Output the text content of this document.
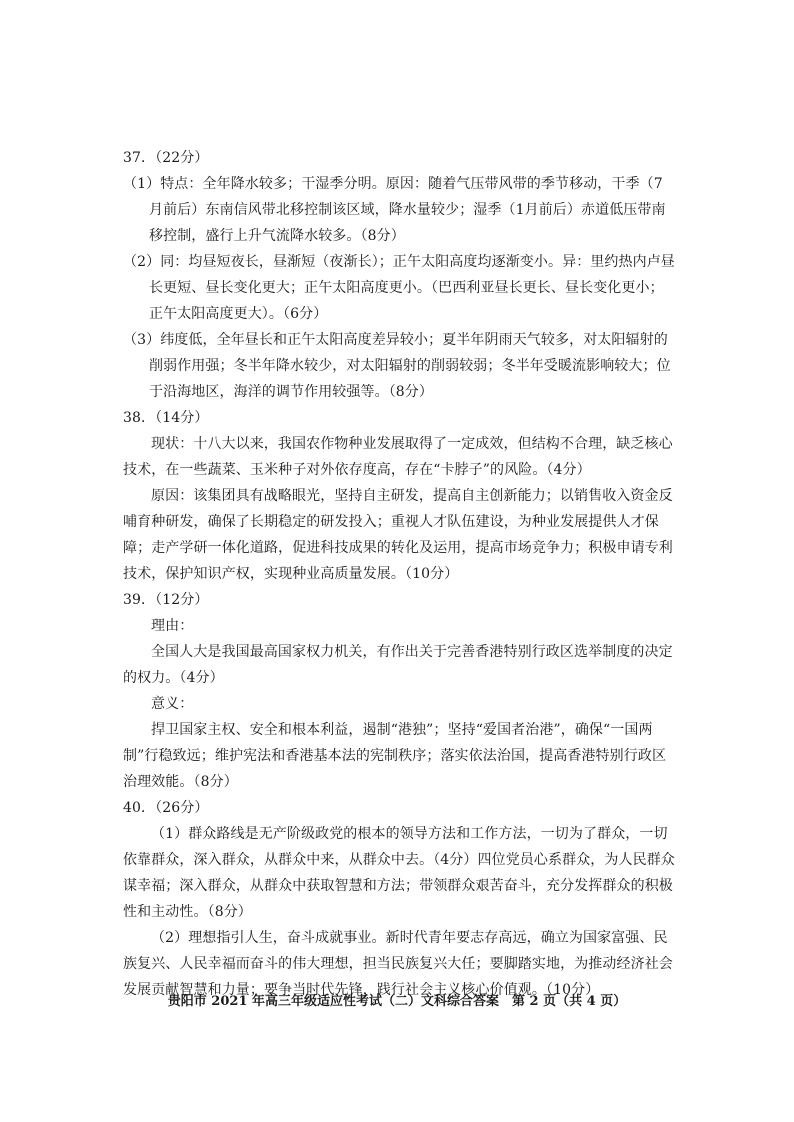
37．（22分）

（1）特点：全年降水较多；干湿季分明。原因：随着气压带风带的季节移动，干季（7月前后）东南信风带北移控制该区域，降水量较少；湿季（1月前后）赤道低压带南移控制，盛行上升气流降水较多。（8分）

（2）同：均昼短夜长，昼渐短（夜渐长）；正午太阳高度均逐渐变小。异：里约热内卢昼长更短、昼长变化更大；正午太阳高度更小。（巴西利亚昼长更长、昼长变化更小；正午太阳高度更大）。（6分）

（3）纬度低，全年昼长和正午太阳高度差异较小；夏半年阴雨天气较多，对太阳辐射的削弱作用强；冬半年降水较少，对太阳辐射的削弱较弱；冬半年受暖流影响较大；位于沿海地区，海洋的调节作用较强等。（8分）

38．（14分）

现状：十八大以来，我国农作物种业发展取得了一定成效，但结构不合理，缺乏核心技术，在一些蔬菜、玉米种子对外依存度高，存在“卡脖子”的风险。（4分）

原因：该集团具有战略眼光，坚持自主研发，提高自主创新能力；以销售收入资金反哺育种研发，确保了长期稳定的研发投入；重视人才队伍建设，为种业发展提供人才保障；走产学研一体化道路，促进科技成果的转化及运用，提高市场竞争力；积极申请专利技术，保护知识产权，实现种业高质量发展。（10分）

39．（12分）

理由：

全国人大是我国最高国家权力机关，有作出关于完善香港特别行政区选举制度的决定的权力。（4分）

意义：

捍卫国家主权、安全和根本利益，遏制“港独”；坚持“爱国者治港”，确保“一国两制”行稳致远；维护宪法和香港基本法的宪制秩序；落实依法治国，提高香港特别行政区治理效能。（8分）

40．（26分）

（1）群众路线是无产阶级政党的根本的领导方法和工作方法，一切为了群众，一切依靠群众，深入群众，从群众中来，从群众中去。（4分）四位党员心系群众，为人民群众谋幸福；深入群众，从群众中获取智慧和方法；带领群众艰苦奋斗，充分发挥群众的积极性和主动性。（8分）

（2）理想指引人生，奋斗成就事业。新时代青年要志存高远，确立为国家富强、民族复兴、人民幸福而奋斗的伟大理想，担当民族复兴大任；要脚踏实地，为推动经济社会发展贡献智慧和力量；要争当时代先锋，践行社会主义核心价值观。（10分）

贵阳市 2021 年高三年级适应性考试（二）文科综合答案　第 2 页（共 4 页）
